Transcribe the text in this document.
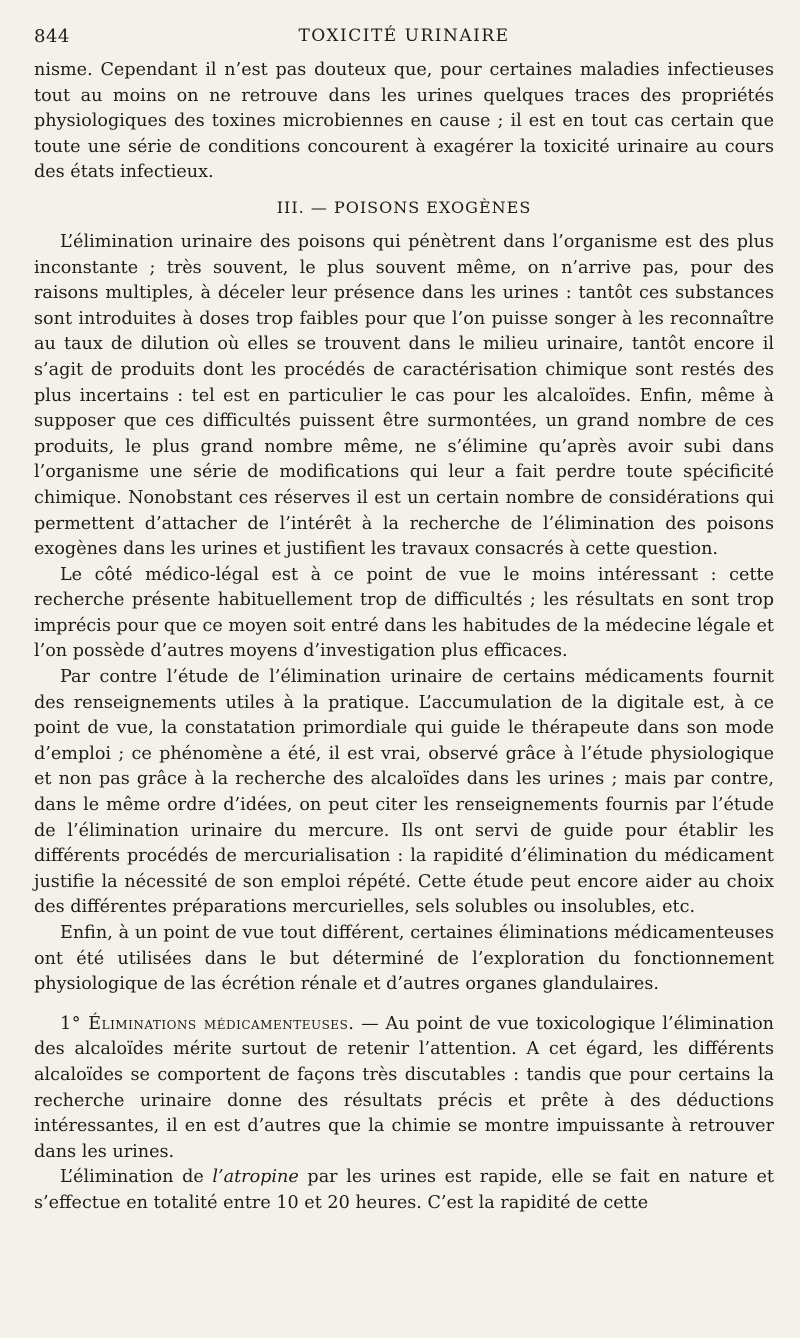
844	TOXICITÉ URINAIRE

nisme. Cependant il n’est pas douteux que, pour certaines maladies infectieuses tout au moins on ne retrouve dans les urines quelques traces des propriétés physiologiques des toxines microbiennes en cause ; il est en tout cas certain que toute une série de conditions concourent à exagérer la toxicité urinaire au cours des états infectieux.

III. — POISONS EXOGÈNES

L’élimination urinaire des poisons qui pénètrent dans l’organisme est des plus inconstante ; très souvent, le plus souvent même, on n’arrive pas, pour des raisons multiples, à déceler leur présence dans les urines : tantôt ces substances sont introduites à doses trop faibles pour que l’on puisse songer à les reconnaître au taux de dilution où elles se trouvent dans le milieu urinaire, tantôt encore il s’agit de produits dont les procédés de caractérisation chimique sont restés des plus incertains : tel est en particulier le cas pour les alcaloïdes. Enfin, même à supposer que ces difficultés puissent être surmontées, un grand nombre de ces produits, le plus grand nombre même, ne s’élimine qu’après avoir subi dans l’organisme une série de modifications qui leur a fait perdre toute spécificité chimique. Nonobstant ces réserves il est un certain nombre de considérations qui permettent d’attacher de l’intérêt à la recherche de l’élimination des poisons exogènes dans les urines et justifient les travaux consacrés à cette question.

Le côté médico-légal est à ce point de vue le moins intéressant : cette recherche présente habituellement trop de difficultés ; les résultats en sont trop imprécis pour que ce moyen soit entré dans les habitudes de la médecine légale et l’on possède d’autres moyens d’investigation plus efficaces.

Par contre l’étude de l’élimination urinaire de certains médicaments fournit des renseignements utiles à la pratique. L’accumulation de la digitale est, à ce point de vue, la constatation primordiale qui guide le thérapeute dans son mode d’emploi ; ce phénomène a été, il est vrai, observé grâce à l’étude physiologique et non pas grâce à la recherche des alcaloïdes dans les urines ; mais par contre, dans le même ordre d’idées, on peut citer les renseignements fournis par l’étude de l’élimination urinaire du mercure. Ils ont servi de guide pour établir les différents procédés de mercurialisation : la rapidité d’élimination du médicament justifie la nécessité de son emploi répété. Cette étude peut encore aider au choix des différentes préparations mercurielles, sels solubles ou insolubles, etc.

Enfin, à un point de vue tout différent, certaines éliminations médicamenteuses ont été utilisées dans le but déterminé de l’exploration du fonctionnement physiologique de las écrétion rénale et d’autres organes glandulaires.

1° Éliminations médicamenteuses. — Au point de vue toxicologique l’élimination des alcaloïdes mérite surtout de retenir l’attention. A cet égard, les différents alcaloïdes se comportent de façons très discutables : tandis que pour certains la recherche urinaire donne des résultats précis et prête à des déductions intéressantes, il en est d’autres que la chimie se montre impuissante à retrouver dans les urines.

L’élimination de l’atropine par les urines est rapide, elle se fait en nature et s’effectue en totalité entre 10 et 20 heures. C’est la rapidité de cette
